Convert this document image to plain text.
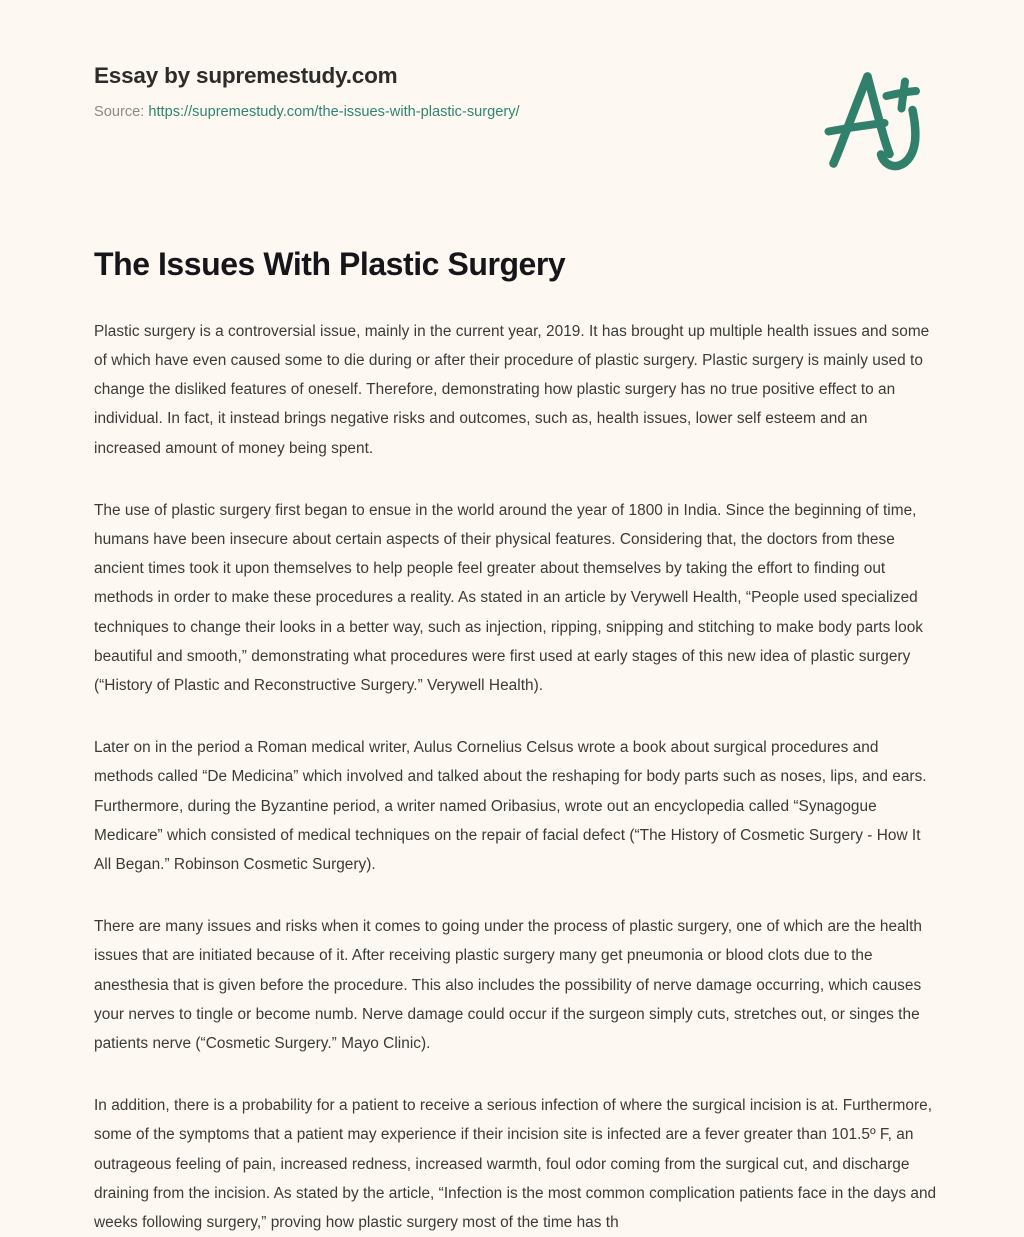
Essay by supremestudy.com
Source: https://supremestudy.com/the-issues-with-plastic-surgery/
The Issues With Plastic Surgery

Plastic surgery is a controversial issue, mainly in the current year, 2019. It has brought up multiple health issues and some of which have even caused some to die during or after their procedure of plastic surgery. Plastic surgery is mainly used to change the disliked features of oneself. Therefore, demonstrating how plastic surgery has no true positive effect to an individual. In fact, it instead brings negative risks and outcomes, such as, health issues, lower self esteem and an increased amount of money being spent.

The use of plastic surgery first began to ensue in the world around the year of 1800 in India. Since the beginning of time, humans have been insecure about certain aspects of their physical features. Considering that, the doctors from these ancient times took it upon themselves to help people feel greater about themselves by taking the effort to finding out methods in order to make these procedures a reality. As stated in an article by Verywell Health, “People used specialized techniques to change their looks in a better way, such as injection, ripping, snipping and stitching to make body parts look beautiful and smooth,” demonstrating what procedures were first used at early stages of this new idea of plastic surgery (“History of Plastic and Reconstructive Surgery.” Verywell Health).

Later on in the period a Roman medical writer, Aulus Cornelius Celsus wrote a book about surgical procedures and methods called “De Medicina” which involved and talked about the reshaping for body parts such as noses, lips, and ears. Furthermore, during the Byzantine period, a writer named Oribasius, wrote out an encyclopedia called “Synagogue Medicare” which consisted of medical techniques on the repair of facial defect (“The History of Cosmetic Surgery - How It All Began.” Robinson Cosmetic Surgery).

There are many issues and risks when it comes to going under the process of plastic surgery, one of which are the health issues that are initiated because of it. After receiving plastic surgery many get pneumonia or blood clots due to the anesthesia that is given before the procedure. This also includes the possibility of nerve damage occurring, which causes your nerves to tingle or become numb. Nerve damage could occur if the surgeon simply cuts, stretches out, or singes the patients nerve (“Cosmetic Surgery.” Mayo Clinic).

In addition, there is a probability for a patient to receive a serious infection of where the surgical incision is at. Furthermore, some of the symptoms that a patient may experience if their incision site is infected are a fever greater than 101.5º F, an outrageous feeling of pain, increased redness, increased warmth, foul odor coming from the surgical cut, and discharge draining from the incision. As stated by the article, “Infection is the most common complication patients face in the days and weeks following surgery,” proving how plastic surgery most of the time has th
